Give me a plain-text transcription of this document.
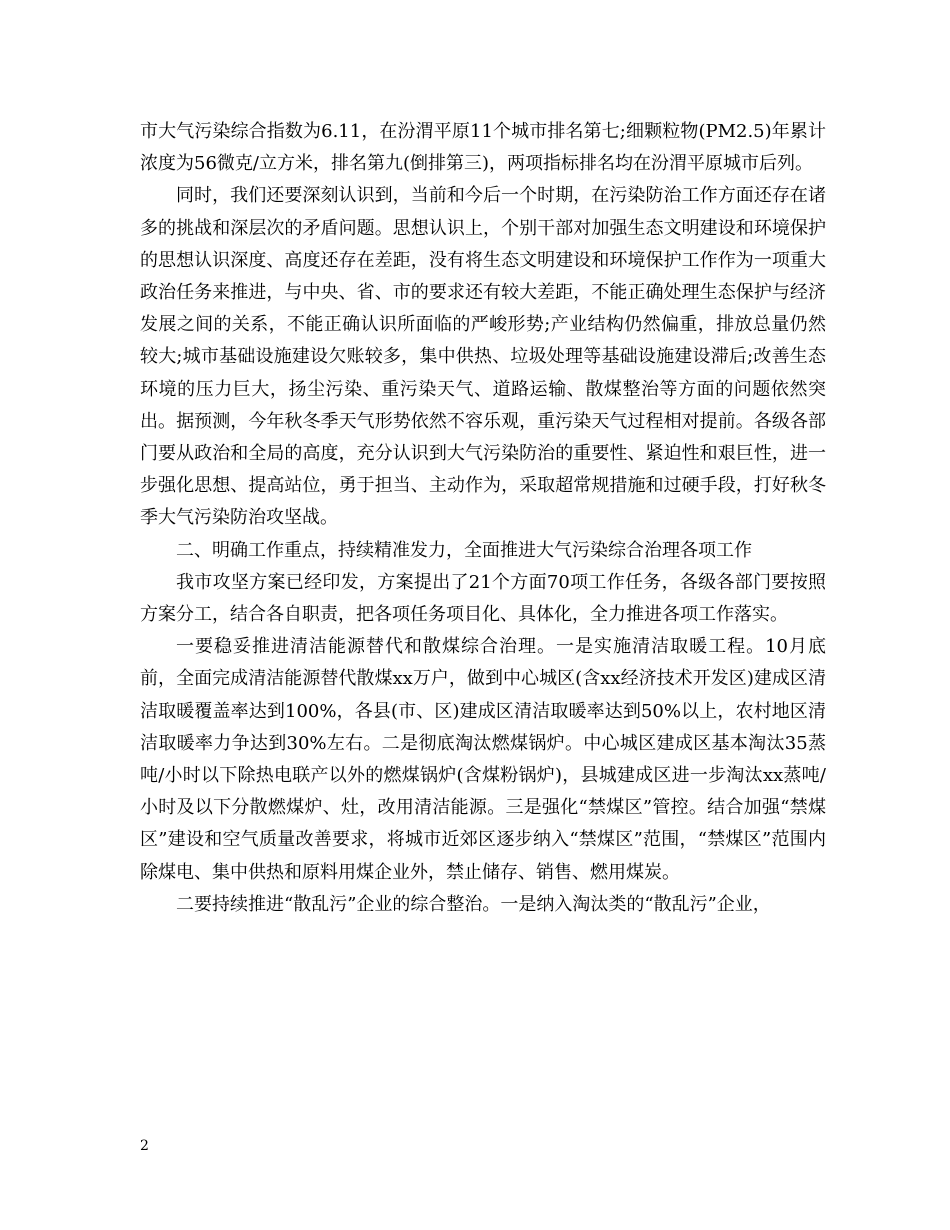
市大气污染综合指数为6.11，在汾渭平原11个城市排名第七;细颗粒物(PM2.5)年累计浓度为56微克/立方米，排名第九(倒排第三)，两项指标排名均在汾渭平原城市后列。

同时，我们还要深刻认识到，当前和今后一个时期，在污染防治工作方面还存在诸多的挑战和深层次的矛盾问题。思想认识上，个别干部对加强生态文明建设和环境保护的思想认识深度、高度还存在差距，没有将生态文明建设和环境保护工作作为一项重大政治任务来推进，与中央、省、市的要求还有较大差距，不能正确处理生态保护与经济发展之间的关系，不能正确认识所面临的严峻形势;产业结构仍然偏重，排放总量仍然较大;城市基础设施建设欠账较多，集中供热、垃圾处理等基础设施建设滞后;改善生态环境的压力巨大，扬尘污染、重污染天气、道路运输、散煤整治等方面的问题依然突出。据预测，今年秋冬季天气形势依然不容乐观，重污染天气过程相对提前。各级各部门要从政治和全局的高度，充分认识到大气污染防治的重要性、紧迫性和艰巨性，进一步强化思想、提高站位，勇于担当、主动作为，采取超常规措施和过硬手段，打好秋冬季大气污染防治攻坚战。

二、明确工作重点，持续精准发力，全面推进大气污染综合治理各项工作

我市攻坚方案已经印发，方案提出了21个方面70项工作任务，各级各部门要按照方案分工，结合各自职责，把各项任务项目化、具体化，全力推进各项工作落实。

一要稳妥推进清洁能源替代和散煤综合治理。一是实施清洁取暖工程。10月底前，全面完成清洁能源替代散煤xx万户，做到中心城区(含xx经济技术开发区)建成区清洁取暖覆盖率达到100%，各县(市、区)建成区清洁取暖率达到50%以上，农村地区清洁取暖率力争达到30%左右。二是彻底淘汰燃煤锅炉。中心城区建成区基本淘汰35蒸吨/小时以下除热电联产以外的燃煤锅炉(含煤粉锅炉)，县城建成区进一步淘汰xx蒸吨/小时及以下分散燃煤炉、灶，改用清洁能源。三是强化“禁煤区”管控。结合加强“禁煤区”建设和空气质量改善要求，将城市近郊区逐步纳入“禁煤区”范围，“禁煤区”范围内除煤电、集中供热和原料用煤企业外，禁止储存、销售、燃用煤炭。

二要持续推进“散乱污”企业的综合整治。一是纳入淘汰类的“散乱污”企业，

2
